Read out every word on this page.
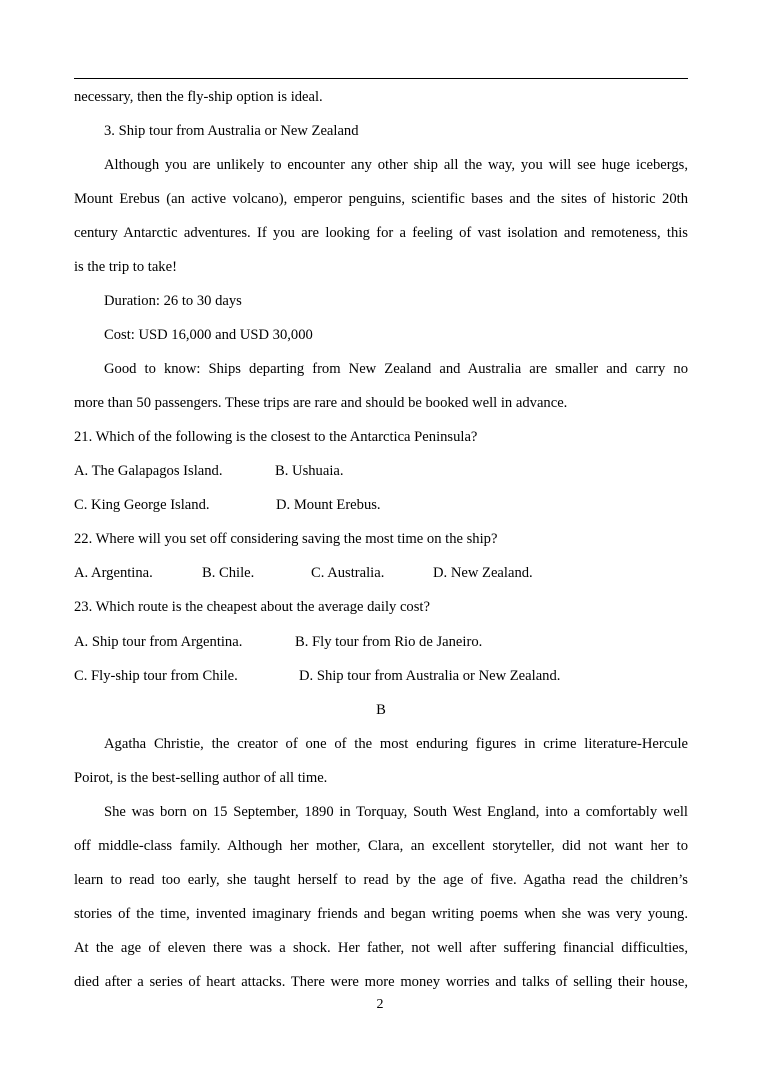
necessary, then the fly-ship option is ideal.
3. Ship tour from Australia or New Zealand
Although you are unlikely to encounter any other ship all the way, you will see huge icebergs,
Mount Erebus (an active volcano), emperor penguins, scientific bases and the sites of historic 20th
century Antarctic adventures. If you are looking for a feeling of vast isolation and remoteness, this
is the trip to take!
Duration: 26 to 30 days
Cost: USD 16,000 and USD 30,000
Good to know: Ships departing from New Zealand and Australia are smaller and carry no
more than 50 passengers. These trips are rare and should be booked well in advance.
21. Which of the following is the closest to the Antarctica Peninsula?
A. The Galapagos Island.	B. Ushuaia.
C. King George Island.	D. Mount Erebus.
22. Where will you set off considering saving the most time on the ship?
A. Argentina.	B. Chile.	C. Australia.	D. New Zealand.
23. Which route is the cheapest about the average daily cost?
A. Ship tour from Argentina.	B. Fly tour from Rio de Janeiro.
C. Fly-ship tour from Chile.	D. Ship tour from Australia or New Zealand.
B
Agatha Christie, the creator of one of the most enduring figures in crime literature-Hercule
Poirot, is the best-selling author of all time.
She was born on 15 September, 1890 in Torquay, South West England, into a comfortably well
off middle-class family. Although her mother, Clara, an excellent storyteller, did not want her to
learn to read too early, she taught herself to read by the age of five. Agatha read the children’s
stories of the time, invented imaginary friends and began writing poems when she was very young.
At the age of eleven there was a shock. Her father, not well after suffering financial difficulties,
died after a series of heart attacks. There were more money worries and talks of selling their house,
2
